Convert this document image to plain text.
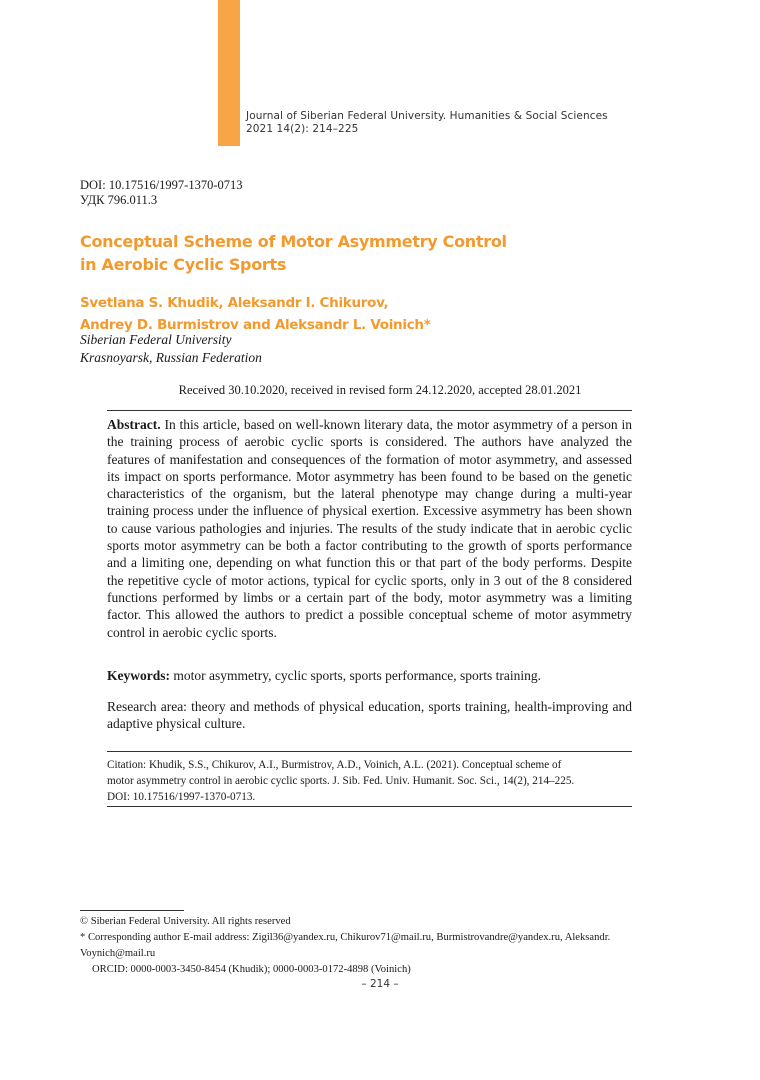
Journal of Siberian Federal University. Humanities & Social Sciences
2021 14(2): 214–225
DOI: 10.17516/1997-1370-0713
УДК 796.011.3
Conceptual Scheme of Motor Asymmetry Control
in Aerobic Cyclic Sports
Svetlana S. Khudik, Aleksandr I. Chikurov,
Andrey D. Burmistrov and Aleksandr L. Voinich*
Siberian Federal University
Krasnoyarsk, Russian Federation
Received 30.10.2020, received in revised form 24.12.2020, accepted 28.01.2021
Abstract. In this article, based on well-known literary data, the motor asymmetry of a person in the training process of aerobic cyclic sports is considered. The authors have analyzed the features of manifestation and consequences of the formation of motor asymmetry, and assessed its impact on sports performance. Motor asymmetry has been found to be based on the genetic characteristics of the organism, but the lateral phenotype may change during a multi-year training process under the influence of physical exertion. Excessive asymmetry has been shown to cause various pathologies and injuries. The results of the study indicate that in aerobic cyclic sports motor asymmetry can be both a factor contributing to the growth of sports performance and a limiting one, depending on what function this or that part of the body performs. Despite the repetitive cycle of motor actions, typical for cyclic sports, only in 3 out of the 8 considered functions performed by limbs or a certain part of the body, motor asymmetry was a limiting factor. This allowed the authors to predict a possible conceptual scheme of motor asymmetry control in aerobic cyclic sports.
Keywords: motor asymmetry, cyclic sports, sports performance, sports training.
Research area: theory and methods of physical education, sports training, health-improving and adaptive physical culture.
Citation: Khudik, S.S., Chikurov, A.I., Burmistrov, A.D., Voinich, A.L. (2021). Conceptual scheme of
motor asymmetry control in aerobic cyclic sports. J. Sib. Fed. Univ. Humanit. Soc. Sci., 14(2), 214–225.
DOI: 10.17516/1997-1370-0713.
© Siberian Federal University. All rights reserved
* Corresponding author E-mail address: Zigil36@yandex.ru, Chikurov71@mail.ru, Burmistrovandre@yandex.ru, Aleksandr.
Voynich@mail.ru
ORCID: 0000-0003-3450-8454 (Khudik); 0000-0003-0172-4898 (Voinich)
– 214 –
